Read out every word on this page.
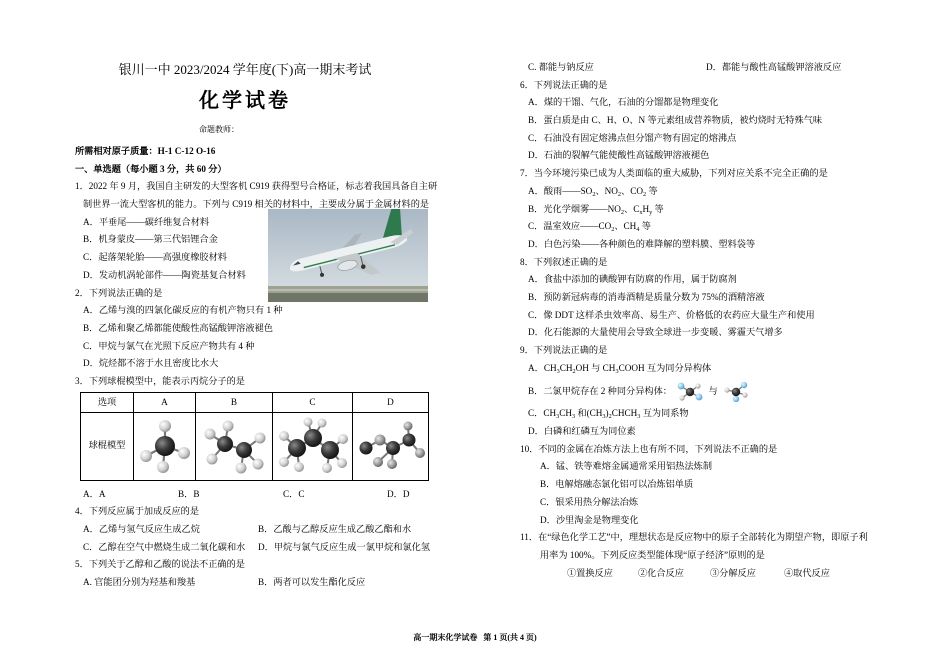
银川一中 2023/2024 学年度(下)高一期末考试
化学试卷
命题教师：
所需相对原子质量：H-1 C-12 O-16
一、单选题（每小题 3 分，共 60 分）
1．2022 年 9 月，我国自主研发的大型客机 C919 获得型号合格证，标志着我国具备自主研
制世界一流大型客机的能力。下列与 C919 相关的材料中，主要成分属于金属材料的是
A．平垂尾——碳纤维复合材料
B．机身蒙皮——第三代铝锂合金
C．起落架轮胎——高强度橡胶材料
D．发动机涡轮部件——陶瓷基复合材料
2．下列说法正确的是
A．乙烯与溴的四氯化碳反应的有机产物只有 1 种
B．乙烯和聚乙烯都能使酸性高锰酸钾溶液褪色
C．甲烷与氯气在光照下反应产物共有 4 种
D．烷烃都不溶于水且密度比水大
3．下列球棍模型中，能表示丙烷分子的是
选项	A	B	C	D
球棍模型	

A．A	B．B	C．C	D．D
4．下列反应属于加成反应的是
A．乙烯与氢气反应生成乙烷	B．乙酸与乙醇反应生成乙酸乙酯和水
C．乙醇在空气中燃烧生成二氧化碳和水 D．甲烷与氯气反应生成一氯甲烷和氯化氢
5．下列关于乙醇和乙酸的说法不正确的是
A. 官能团分别为羟基和羧基	B．两者可以发生酯化反应
C. 都能与钠反应	D．都能与酸性高锰酸钾溶液反应
6．下列说法正确的是
A．煤的干馏、气化，石油的分馏都是物理变化
B．蛋白质是由 C、H、O、N 等元素组成营养物质，被灼烧时无特殊气味
C．石油没有固定熔沸点但分馏产物有固定的熔沸点
D．石油的裂解气能使酸性高锰酸钾溶液褪色
7．当今环境污染已成为人类面临的重大威胁，下列对应关系不完全正确的是
A．酸雨$——SO_2$、$NO_2$、$CO_2$ 等
B．光化学烟雾$——NO_2$、$C_xH_y$ 等
C．温室效应$——CO_2$、$CH_4$ 等
D．白色污染——各种颜色的难降解的塑料膜、塑料袋等
8．下列叙述正确的是
A．食盐中添加的碘酸钾有防腐的作用，属于防腐剂
B．预防新冠病毒的消毒酒精是质量分数为 75%的酒精溶液
C．像 DDT 这样杀虫效率高、易生产、价格低的农药应大量生产和使用
D．化石能源的大量使用会导致全球进一步变暖、雾霾天气增多
9．下列说法正确的是
A．$CH_3CH_2OH$ 与 $CH_3COOH$ 互为同分异构体
B．二氯甲烷存在 2 种同分异构体：	与
C．$CH_3CH_3$ 和$(CH_3)_2CHCH_3$ 互为同系物
D．白磷和红磷互为同位素
10．不同的金属在冶炼方法上也有所不同，下列说法不正确的是
A．锰、铁等难熔金属通常采用铝热法炼制
B．电解熔融态氯化铝可以冶炼铝单质
C．银采用热分解法冶炼
D．沙里淘金是物理变化
11．在“绿色化学工艺”中，理想状态是反应物中的原子全部转化为期望产物，即原子利
用率为 100%。下列反应类型能体现“原子经济”原则的是
①置换反应	②化合反应	③分解反应	④取代反应
高一期末化学试卷   第 1 页(共 4 页)
